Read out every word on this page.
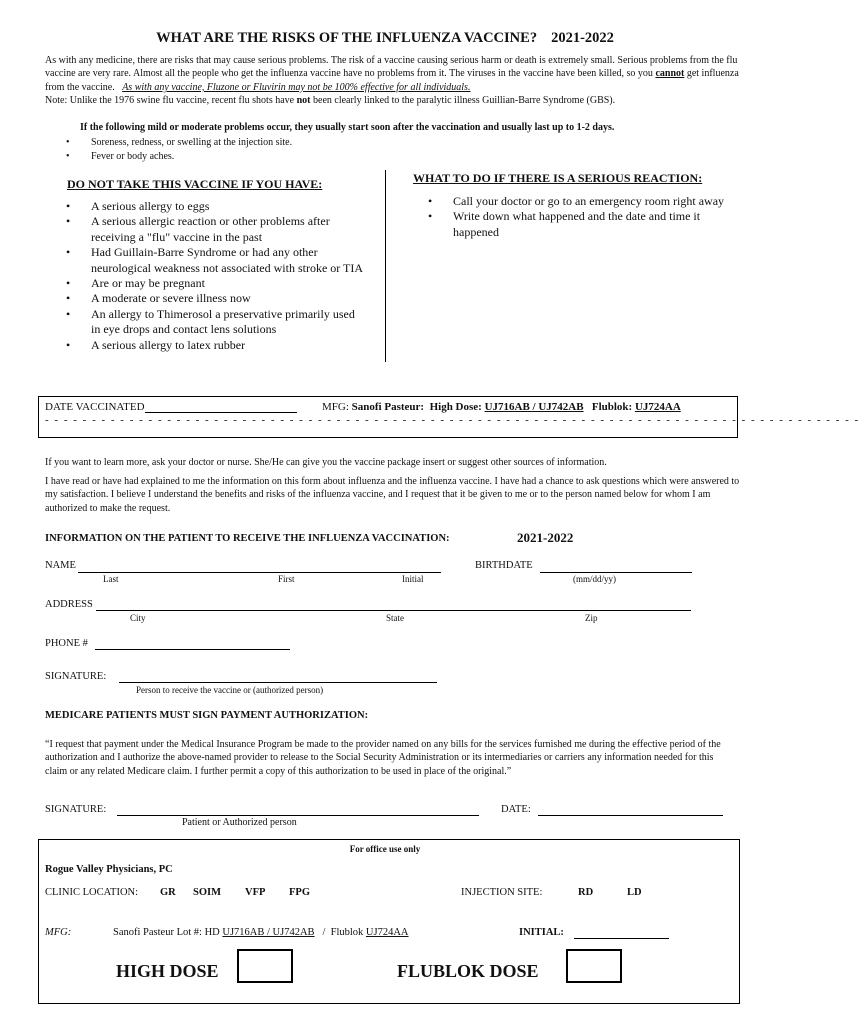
WHAT ARE THE RISKS OF THE INFLUENZA VACCINE? 2021-2022
As with any medicine, there are risks that may cause serious problems. The risk of a vaccine causing serious harm or death is extremely small. Serious problems from the flu vaccine are very rare. Almost all the people who get the influenza vaccine have no problems from it. The viruses in the vaccine have been killed, so you cannot get influenza from the vaccine. As with any vaccine, Fluzone or Fluvirin may not be 100% effective for all individuals.
Note: Unlike the 1976 swine flu vaccine, recent flu shots have not been clearly linked to the paralytic illness Guillian-Barre Syndrome (GBS).
If the following mild or moderate problems occur, they usually start soon after the vaccination and usually last up to 1-2 days.
• Soreness, redness, or swelling at the injection site.
• Fever or body aches.
DO NOT TAKE THIS VACCINE IF YOU HAVE:
• A serious allergy to eggs
• A serious allergic reaction or other problems after receiving a "flu" vaccine in the past
• Had Guillain-Barre Syndrome or had any other neurological weakness not associated with stroke or TIA
• Are or may be pregnant
• A moderate or severe illness now
• An allergy to Thimerosol a preservative primarily used in eye drops and contact lens solutions
• A serious allergy to latex rubber
WHAT TO DO IF THERE IS A SERIOUS REACTION:
• Call your doctor or go to an emergency room right away
• Write down what happened and the date and time it happened
DATE VACCINATED	MFG: Sanofi Pasteur: High Dose: UJ716AB / UJ742AB Flublok: UJ724AA
- - - - - - - - - - - - - - - - - - - - - - - - - - - - - - - - - - - - - - - - - - - - - - - - - - - - - - - - - - - - - - - - - - - - - - - - - - - - - - - - - - - - - - -
If you want to learn more, ask your doctor or nurse. She/He can give you the vaccine package insert or suggest other sources of information.
I have read or have had explained to me the information on this form about influenza and the influenza vaccine. I have had a chance to ask questions which were answered to my satisfaction. I believe I understand the benefits and risks of the influenza vaccine, and I request that it be given to me or to the person named below for whom I am authorized to make the request.
INFORMATION ON THE PATIENT TO RECEIVE THE INFLUENZA VACCINATION:	2021-2022
NAME
Last	First	Initial
BIRTHDATE
(mm/dd/yy)
ADDRESS
City	State	Zip
PHONE #
SIGNATURE:
Person to receive the vaccine or (authorized person)
MEDICARE PATIENTS MUST SIGN PAYMENT AUTHORIZATION:
“I request that payment under the Medical Insurance Program be made to the provider named on any bills for the services furnished me during the effective period of the authorization and I authorize the above-named provider to release to the Social Security Administration or its intermediaries or carriers any information needed for this claim or any related Medicare claim. I further permit a copy of this authorization to be used in place of the original.”
SIGNATURE:
Patient or Authorized person
DATE:
For office use only
Rogue Valley Physicians, PC
CLINIC LOCATION: GR SOIM VFP FPG	INJECTION SITE:	RD	LD
MFG:	Sanofi Pasteur Lot #: HD UJ716AB / UJ742AB / Flublok UJ724AA	INITIAL:
HIGH DOSE	FLUBLOK DOSE
